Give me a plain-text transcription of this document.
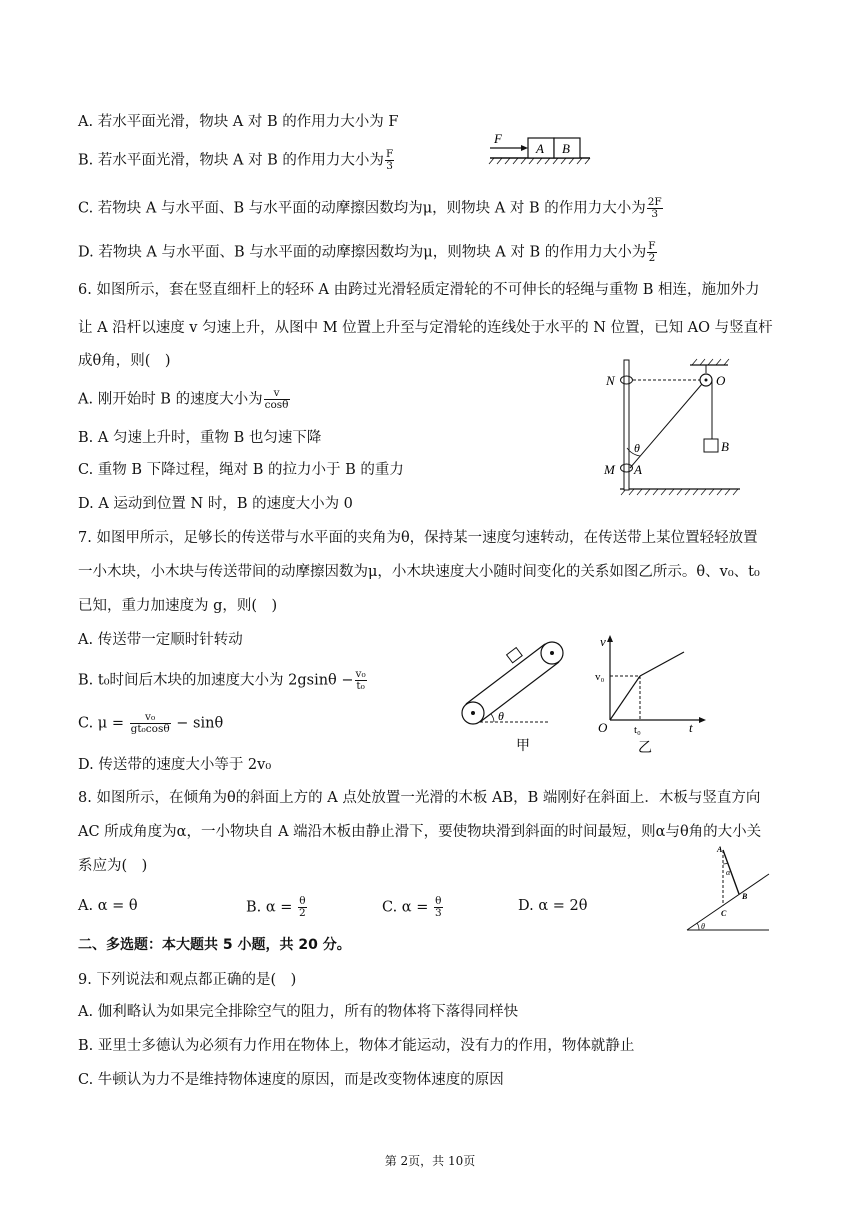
A. 若水平面光滑，物块 A 对 B 的作用力大小为 F
B. 若水平面光滑，物块 A 对 B 的作用力大小为 $\frac{F}{3}$
C. 若物块 A 与水平面、B 与水平面的动摩擦因数均为μ，则物块 A 对 B 的作用力大小为 $\frac{2F}{3}$
D. 若物块 A 与水平面、B 与水平面的动摩擦因数均为μ，则物块 A 对 B 的作用力大小为 $\frac{F}{2}$
F
A B
6. 如图所示，套在竖直细杆上的轻环 A 由跨过光滑轻质定滑轮的不可伸长的轻绳与重物 B 相连，施加外力
让 A 沿杆以速度 v 匀速上升，从图中 M 位置上升至与定滑轮的连线处于水平的 N 位置，已知 AO 与竖直杆
成θ角，则(　)
A. 刚开始时 B 的速度大小为 $\frac{v}{\cos\theta}$
B. A 匀速上升时，重物 B 也匀速下降
C. 重物 B 下降过程，绳对 B 的拉力小于 B 的重力
D. A 运动到位置 N 时，B 的速度大小为 0
N	O
θ	B
M A
7. 如图甲所示，足够长的传送带与水平面的夹角为θ，保持某一速度匀速转动，在传送带上某位置轻轻放置
一小木块，小木块与传送带间的动摩擦因数为μ，小木块速度大小随时间变化的关系如图乙所示。θ、v₀、t₀
已知，重力加速度为 g，则(　)
A. 传送带一定顺时针转动
B. t₀时间后木块的加速度大小为 $2gsin\theta - \frac{\text{v₀}}{\text{t₀}}$
C. $\mu = \frac{\text{v₀}}{\text{gt₀cosθ}} - \sin\theta$
D. 传送带的速度大小等于 2v₀
θ
甲
v
v₀
O t₀	t
乙
8. 如图所示，在倾角为θ的斜面上方的 A 点处放置一光滑的木板 AB，B 端刚好在斜面上．木板与竖直方向
AC 所成角度为α，一小物块自 A 端沿木板由静止滑下，要使物块滑到斜面的时间最短，则α与θ角的大小关
系应为(　)
A. α = θ	B. $\alpha = \frac{\theta}{2}$	C. $\alpha = \frac{\theta}{3}$	D. α = 2θ
A
α
B
C
θ
二、多选题：本大题共 5 小题，共 20 分。
9. 下列说法和观点都正确的是(　)
A. 伽利略认为如果完全排除空气的阻力，所有的物体将下落得同样快
B. 亚里士多德认为必须有力作用在物体上，物体才能运动，没有力的作用，物体就静止
C. 牛顿认为力不是维持物体速度的原因，而是改变物体速度的原因
第 2页，共 10页
